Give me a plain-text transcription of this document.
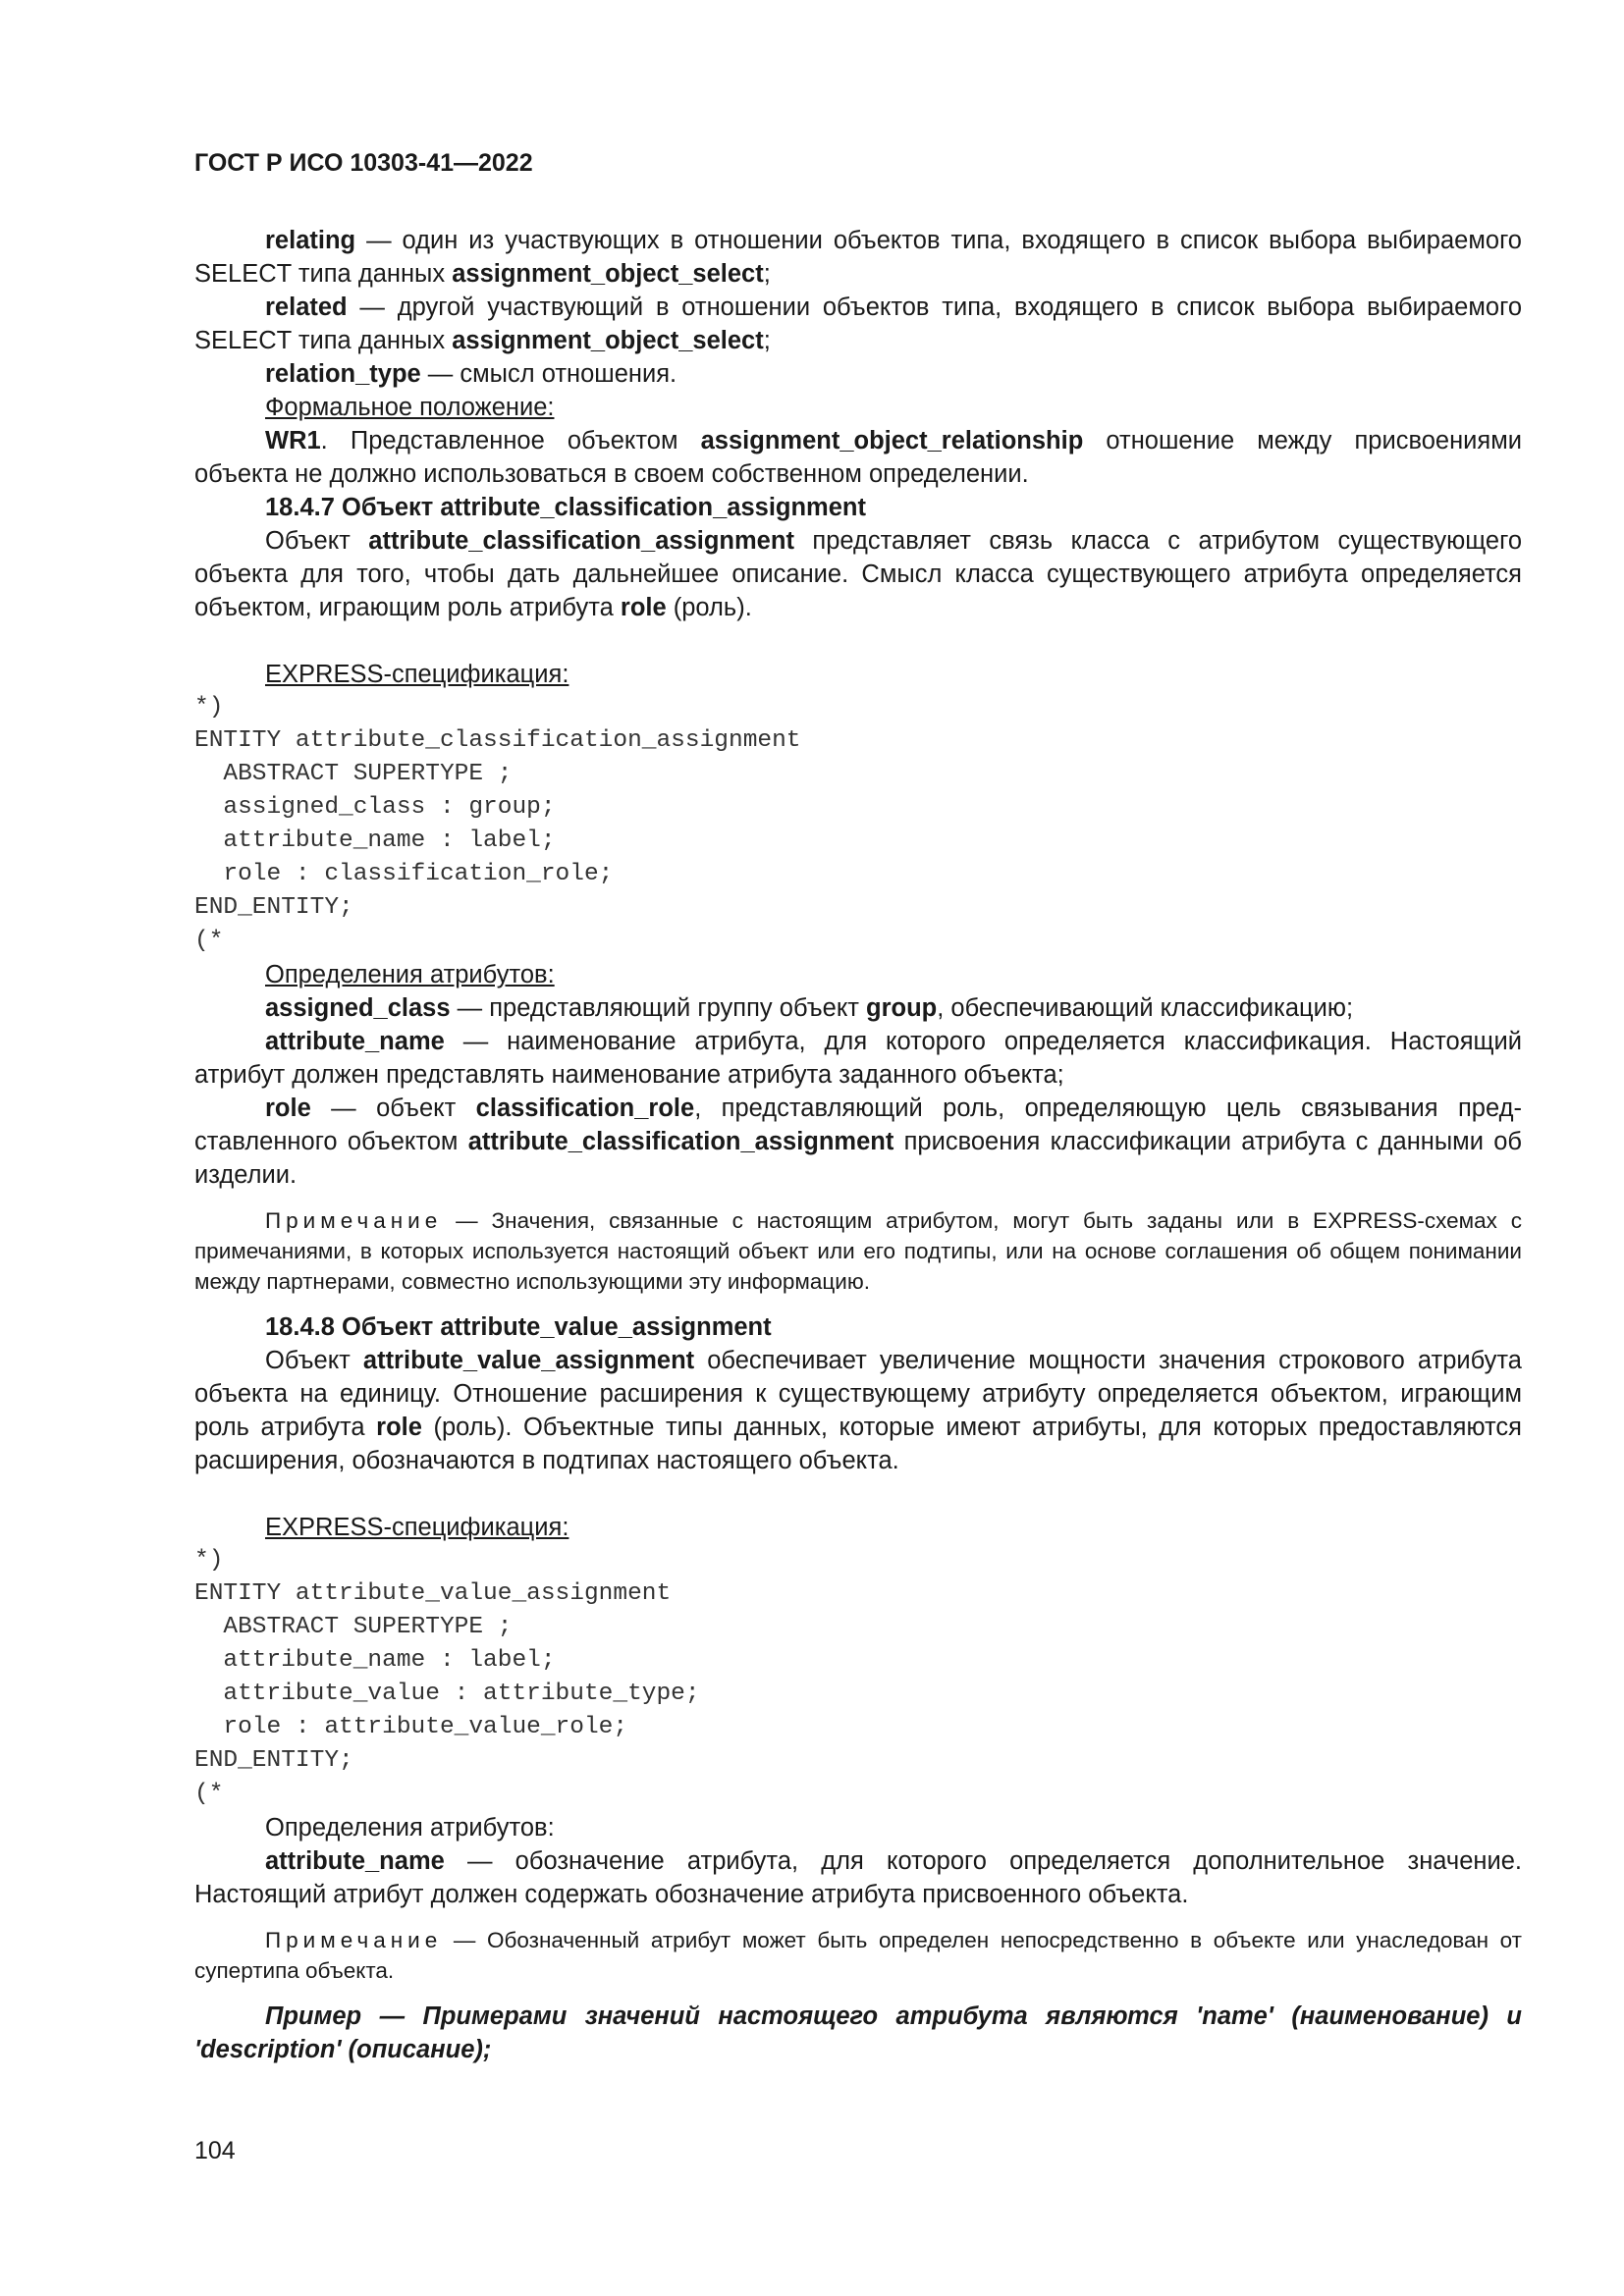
ГОСТ Р ИСО 10303-41—2022

relating — один из участвующих в отношении объектов типа, входящего в список выбора выбираемого SELECT типа данных assignment_object_select;

related — другой участвующий в отношении объектов типа, входящего в список выбора выбираемого SELECT типа данных assignment_object_select;

relation_type — смысл отношения.

Формальное положение:

WR1. Представленное объектом assignment_object_relationship отношение между присвоениями объекта не должно использоваться в своем собственном определении.

18.4.7 Объект attribute_classification_assignment

Объект attribute_classification_assignment представляет связь класса с атрибутом существующего объекта для того, чтобы дать дальнейшее описание. Смысл класса существующего атрибута определяется объектом, играющим роль атрибута role (роль).

EXPRESS-спецификация:

*)
ENTITY attribute_classification_assignment
ABSTRACT SUPERTYPE ;
assigned_class : group;
attribute_name : label;
role : classification_role;
END_ENTITY;
(*

Определения атрибутов:

assigned_class — представляющий группу объект group, обеспечивающий классификацию;

attribute_name — наименование атрибута, для которого определяется классификация. Настоящий атрибут должен представлять наименование атрибута заданного объекта;

role — объект classification_role, представляющий роль, определяющую цель связывания представленного объектом attribute_classification_assignment присвоения классификации атрибута с данными об изделии.

Примечание — Значения, связанные с настоящим атрибутом, могут быть заданы или в EXPRESS-схемах с примечаниями, в которых используется настоящий объект или его подтипы, или на основе соглашения об общем понимании между партнерами, совместно использующими эту информацию.

18.4.8 Объект attribute_value_assignment

Объект attribute_value_assignment обеспечивает увеличение мощности значения строкового атрибута объекта на единицу. Отношение расширения к существующему атрибуту определяется объектом, играющим роль атрибута role (роль). Объектные типы данных, которые имеют атрибуты, для которых предоставляются расширения, обозначаются в подтипах настоящего объекта.

EXPRESS-спецификация:

*)
ENTITY attribute_value_assignment
ABSTRACT SUPERTYPE ;
attribute_name : label;
attribute_value : attribute_type;
role : attribute_value_role;
END_ENTITY;
(*

Определения атрибутов:

attribute_name — обозначение атрибута, для которого определяется дополнительное значение. Настоящий атрибут должен содержать обозначение атрибута присвоенного объекта.

Примечание — Обозначенный атрибут может быть определен непосредственно в объекте или унаследован от супертипа объекта.

Пример — Примерами значений настоящего атрибута являются 'name' (наименование) и 'description' (описание);

104
